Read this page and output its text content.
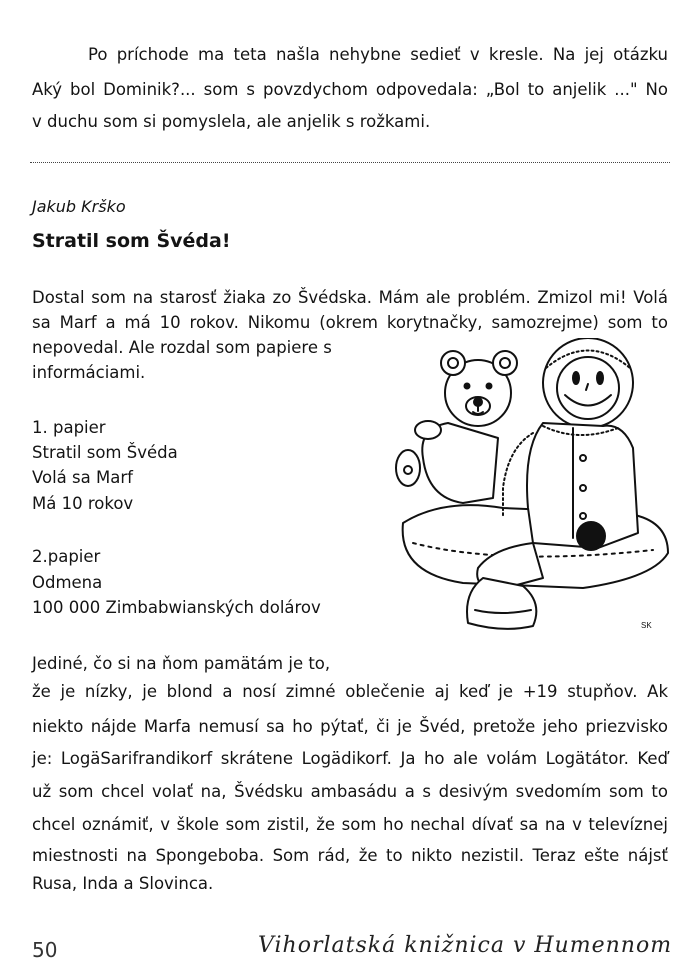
Po príchode ma teta našla nehybne sedieť v kresle. Na jej otázku
Aký bol Dominik?... som s povzdychom odpovedala: „Bol to anjelik ..." No
v duchu som si pomyslela, ale anjelik s rožkami.
Jakub Krško
Stratil som Švéda!
Dostal som na starosť žiaka zo Švédska. Mám ale problém. Zmizol mi! Volá
sa Marf a má 10 rokov. Nikomu (okrem korytnačky, samozrejme) som to
nepovedal. Ale rozdal som papiere s
informáciami.
1. papier
Stratil som Švéda
Volá sa Marf
Má 10 rokov
2.papier
Odmena
100 000 Zimbabwianských dolárov
Jediné, čo si na ňom pamätám je to,
že je nízky, je blond a nosí zimné oblečenie aj keď je +19 stupňov. Ak
niekto nájde Marfa nemusí sa ho pýtať, či je Švéd, pretože jeho priezvisko
je: LogäSarifrandikorf skrátene Logädikorf. Ja ho ale volám Logätátor. Keď
už som chcel volať na, Švédsku ambasádu a s desivým svedomím som to
chcel oznámiť, v škole som zistil, že som ho nechal dívať sa na v televíznej
miestnosti na Spongeboba. Som rád, že to nikto nezistil. Teraz ešte nájsť
Rusa, Inda a Slovinca.
SK
50	Vihorlatská knižnica v Humennom
